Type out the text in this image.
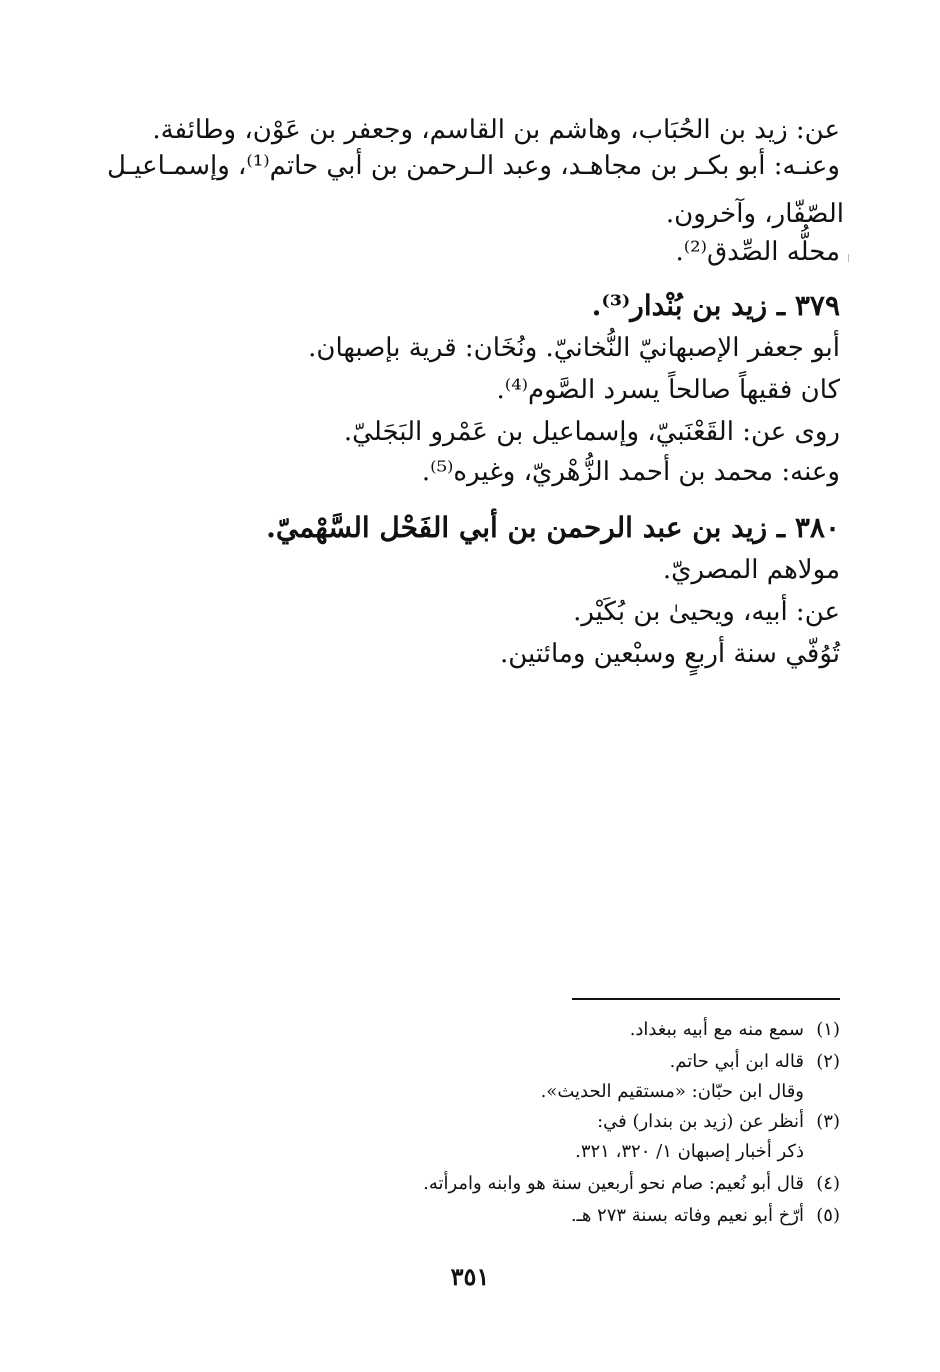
عن: زيد بن الحُبَاب، وهاشم بن القاسم، وجعفر بن عَوْن، وطائفة.
وعنـه: أبو بكـر بن مجاهـد، وعبد الـرحمن بن أبي حاتم⁽¹⁾، وإسمـاعيـل
الصّفّار، وآخرون.
محلُّه الصِّدق⁽²⁾.
٣٧٩ ـ زيد بن بُنْدار⁽³⁾.
أبو جعفر الإصبهانيّ النُّخانيّ. ونُخَان: قرية بإصبهان.
كان فقيهاً صالحاً يسرد الصَّوم⁽⁴⁾.
روى عن: القَعْنَبيّ، وإسماعيل بن عَمْرو البَجَليّ.
وعنه: محمد بن أحمد الزُّهْريّ، وغيره⁽⁵⁾.
٣٨٠ ـ زيد بن عبد الرحمن بن أبي الفَحْل السَّهْميّ.
مولاهم المصريّ.
عن: أبيه، ويحيىٰ بن بُكَيْر.
تُوُفّي سنة أربعٍ وسبْعين ومائتين.
(١)سمع منه مع أبيه ببغداد.
(٢)قاله ابن أبي حاتم.
وقال ابن حبّان: «مستقيم الحديث».
(٣)أنظر عن (زيد بن بندار) في:
ذكر أخبار إصبهان ١/ ٣٢٠، ٣٢١.
(٤)قال أبو نُعيم: صام نحو أربعين سنة هو وابنه وامرأته.
(٥)أرّخ أبو نعيم وفاته بسنة ٢٧٣ هـ.
٣٥١
